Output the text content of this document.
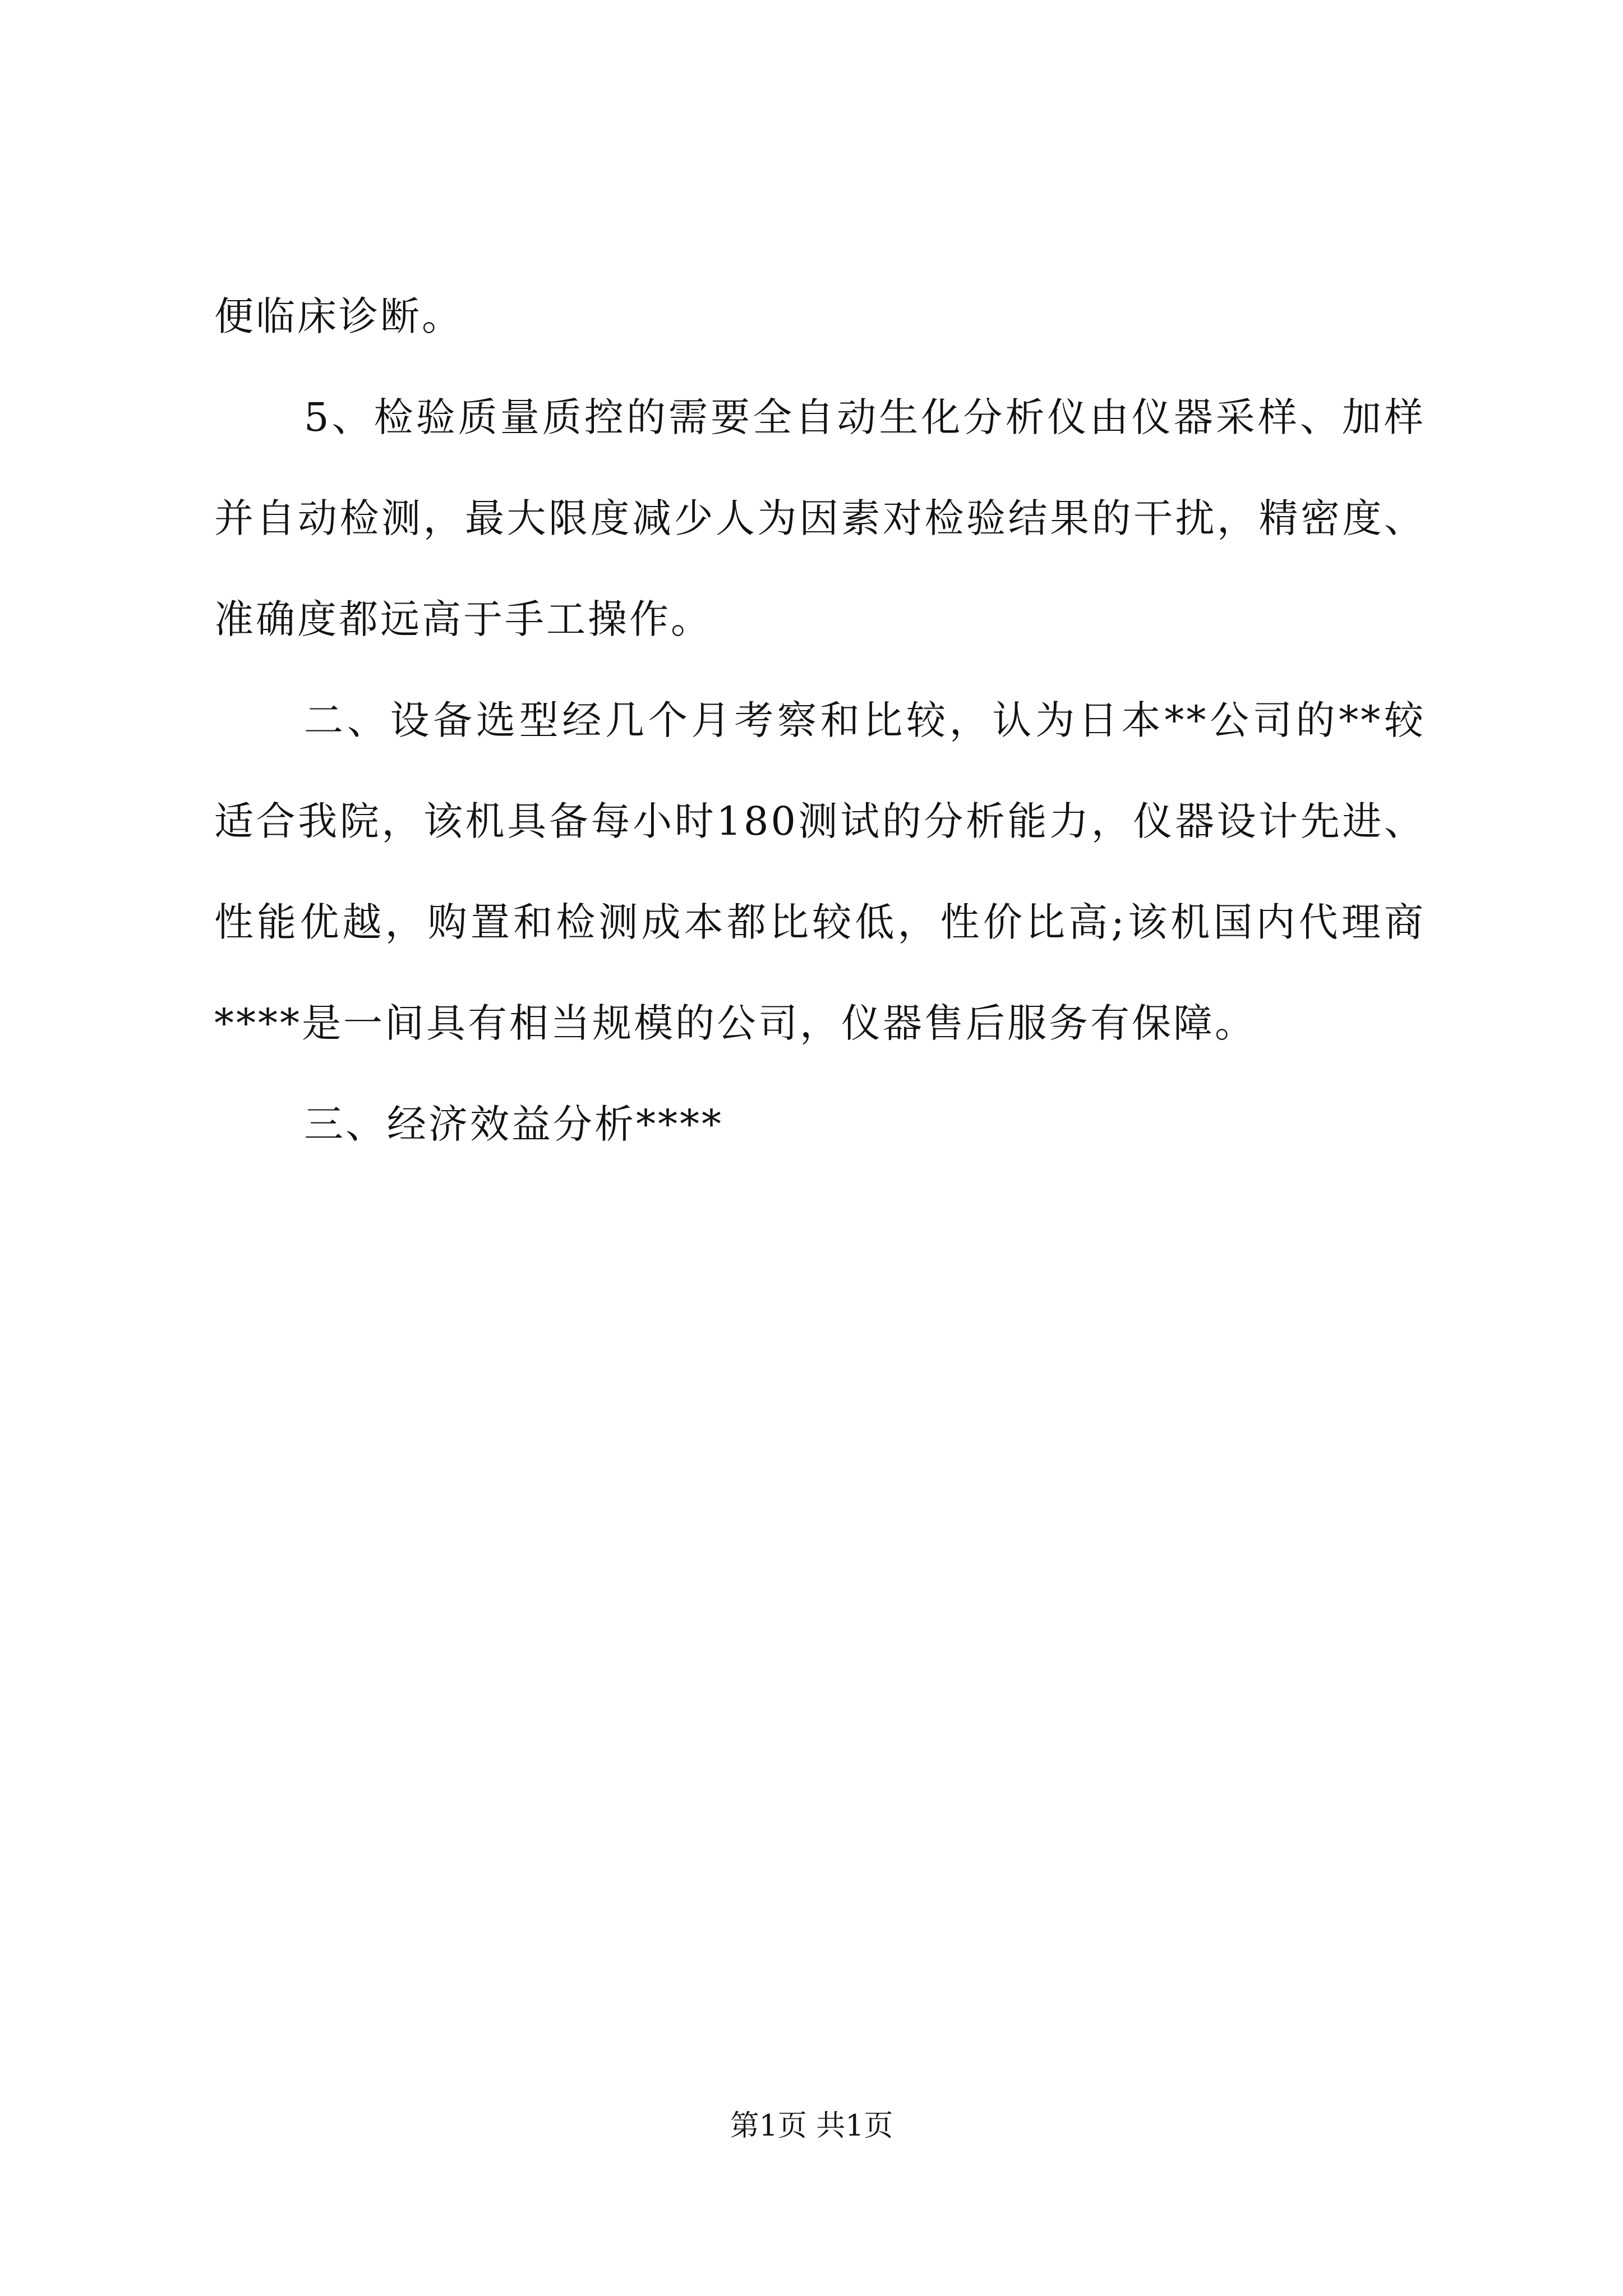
便临床诊断。

5、检验质量质控的需要全自动生化分析仪由仪器采样、加样并自动检测，最大限度减少人为因素对检验结果的干扰，精密度、准确度都远高于手工操作。

二、设备选型经几个月考察和比较，认为日本**公司的**较适合我院，该机具备每小时180测试的分析能力，仪器设计先进、性能优越，购置和检测成本都比较低，性价比高;该机国内代理商****是一间具有相当规模的公司，仪器售后服务有保障。

三、经济效益分析****

第1页 共1页
